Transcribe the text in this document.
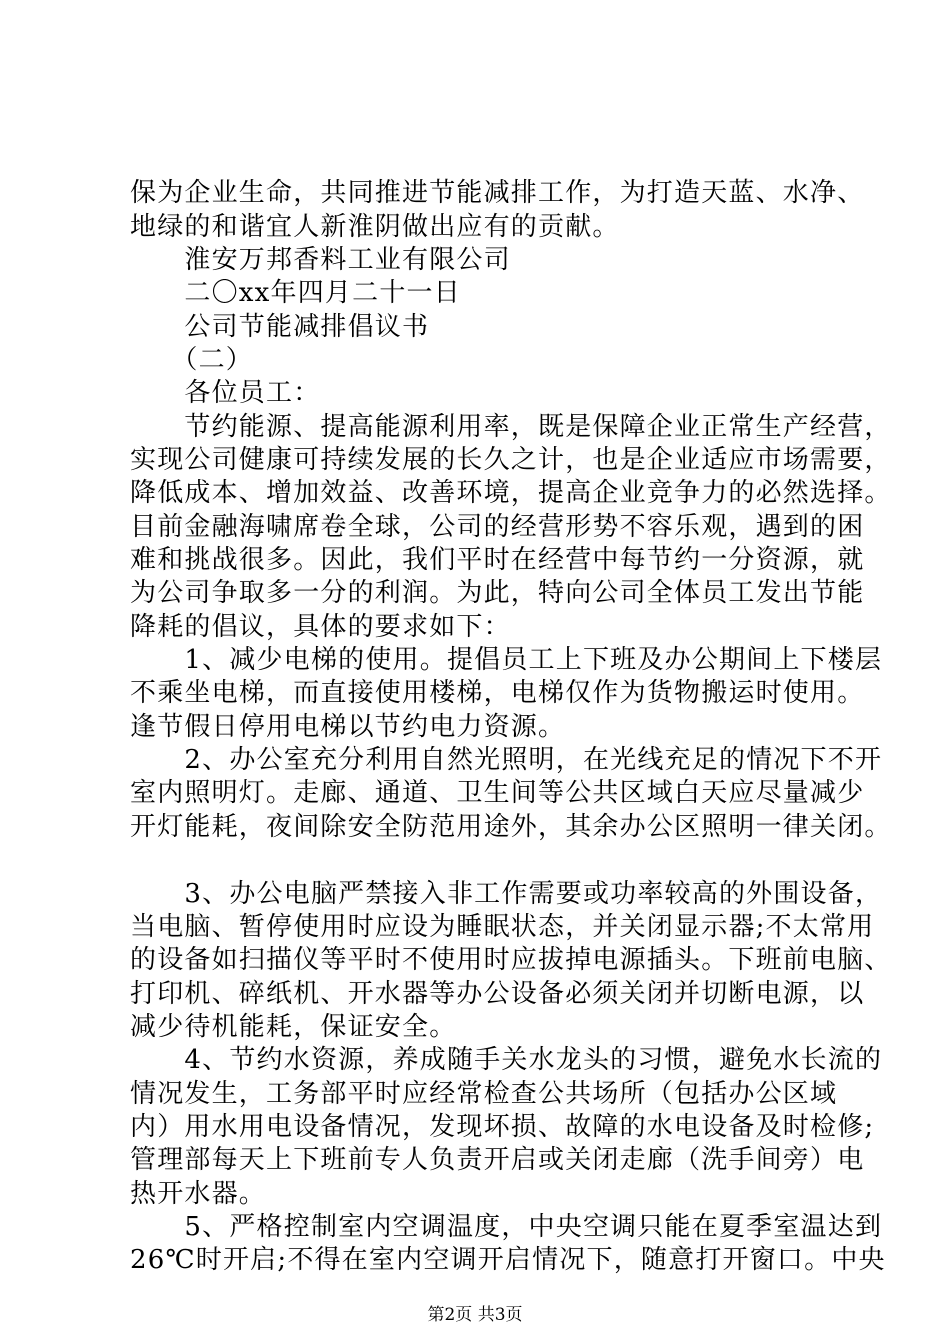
保为企业生命，共同推进节能减排工作，为打造天蓝、水净、
地绿的和谐宜人新淮阴做出应有的贡献。
　　淮安万邦香料工业有限公司
　　二〇xx年四月二十一日
　　公司节能减排倡议书
　　（二）
　　各位员工：
　　节约能源、提高能源利用率，既是保障企业正常生产经营，
实现公司健康可持续发展的长久之计，也是企业适应市场需要，
降低成本、增加效益、改善环境，提高企业竞争力的必然选择。
目前金融海啸席卷全球，公司的经营形势不容乐观，遇到的困
难和挑战很多。因此，我们平时在经营中每节约一分资源，就
为公司争取多一分的利润。为此，特向公司全体员工发出节能
降耗的倡议，具体的要求如下：
　　1、减少电梯的使用。提倡员工上下班及办公期间上下楼层
不乘坐电梯，而直接使用楼梯，电梯仅作为货物搬运时使用。
逢节假日停用电梯以节约电力资源。
　　2、办公室充分利用自然光照明，在光线充足的情况下不开
室内照明灯。走廊、通道、卫生间等公共区域白天应尽量减少
开灯能耗，夜间除安全防范用途外，其余办公区照明一律关闭。
　　3、办公电脑严禁接入非工作需要或功率较高的外围设备，
当电脑、暂停使用时应设为睡眠状态，并关闭显示器;不太常用
的设备如扫描仪等平时不使用时应拔掉电源插头。下班前电脑、
打印机、碎纸机、开水器等办公设备必须关闭并切断电源，以
减少待机能耗，保证安全。
　　4、节约水资源，养成随手关水龙头的习惯，避免水长流的
情况发生，工务部平时应经常检查公共场所（包括办公区域
内）用水用电设备情况，发现坏损、故障的水电设备及时检修;
管理部每天上下班前专人负责开启或关闭走廊（洗手间旁）电
热开水器。
　　5、严格控制室内空调温度，中央空调只能在夏季室温达到
26℃时开启;不得在室内空调开启情况下，随意打开窗口。中央
第2页 共3页
